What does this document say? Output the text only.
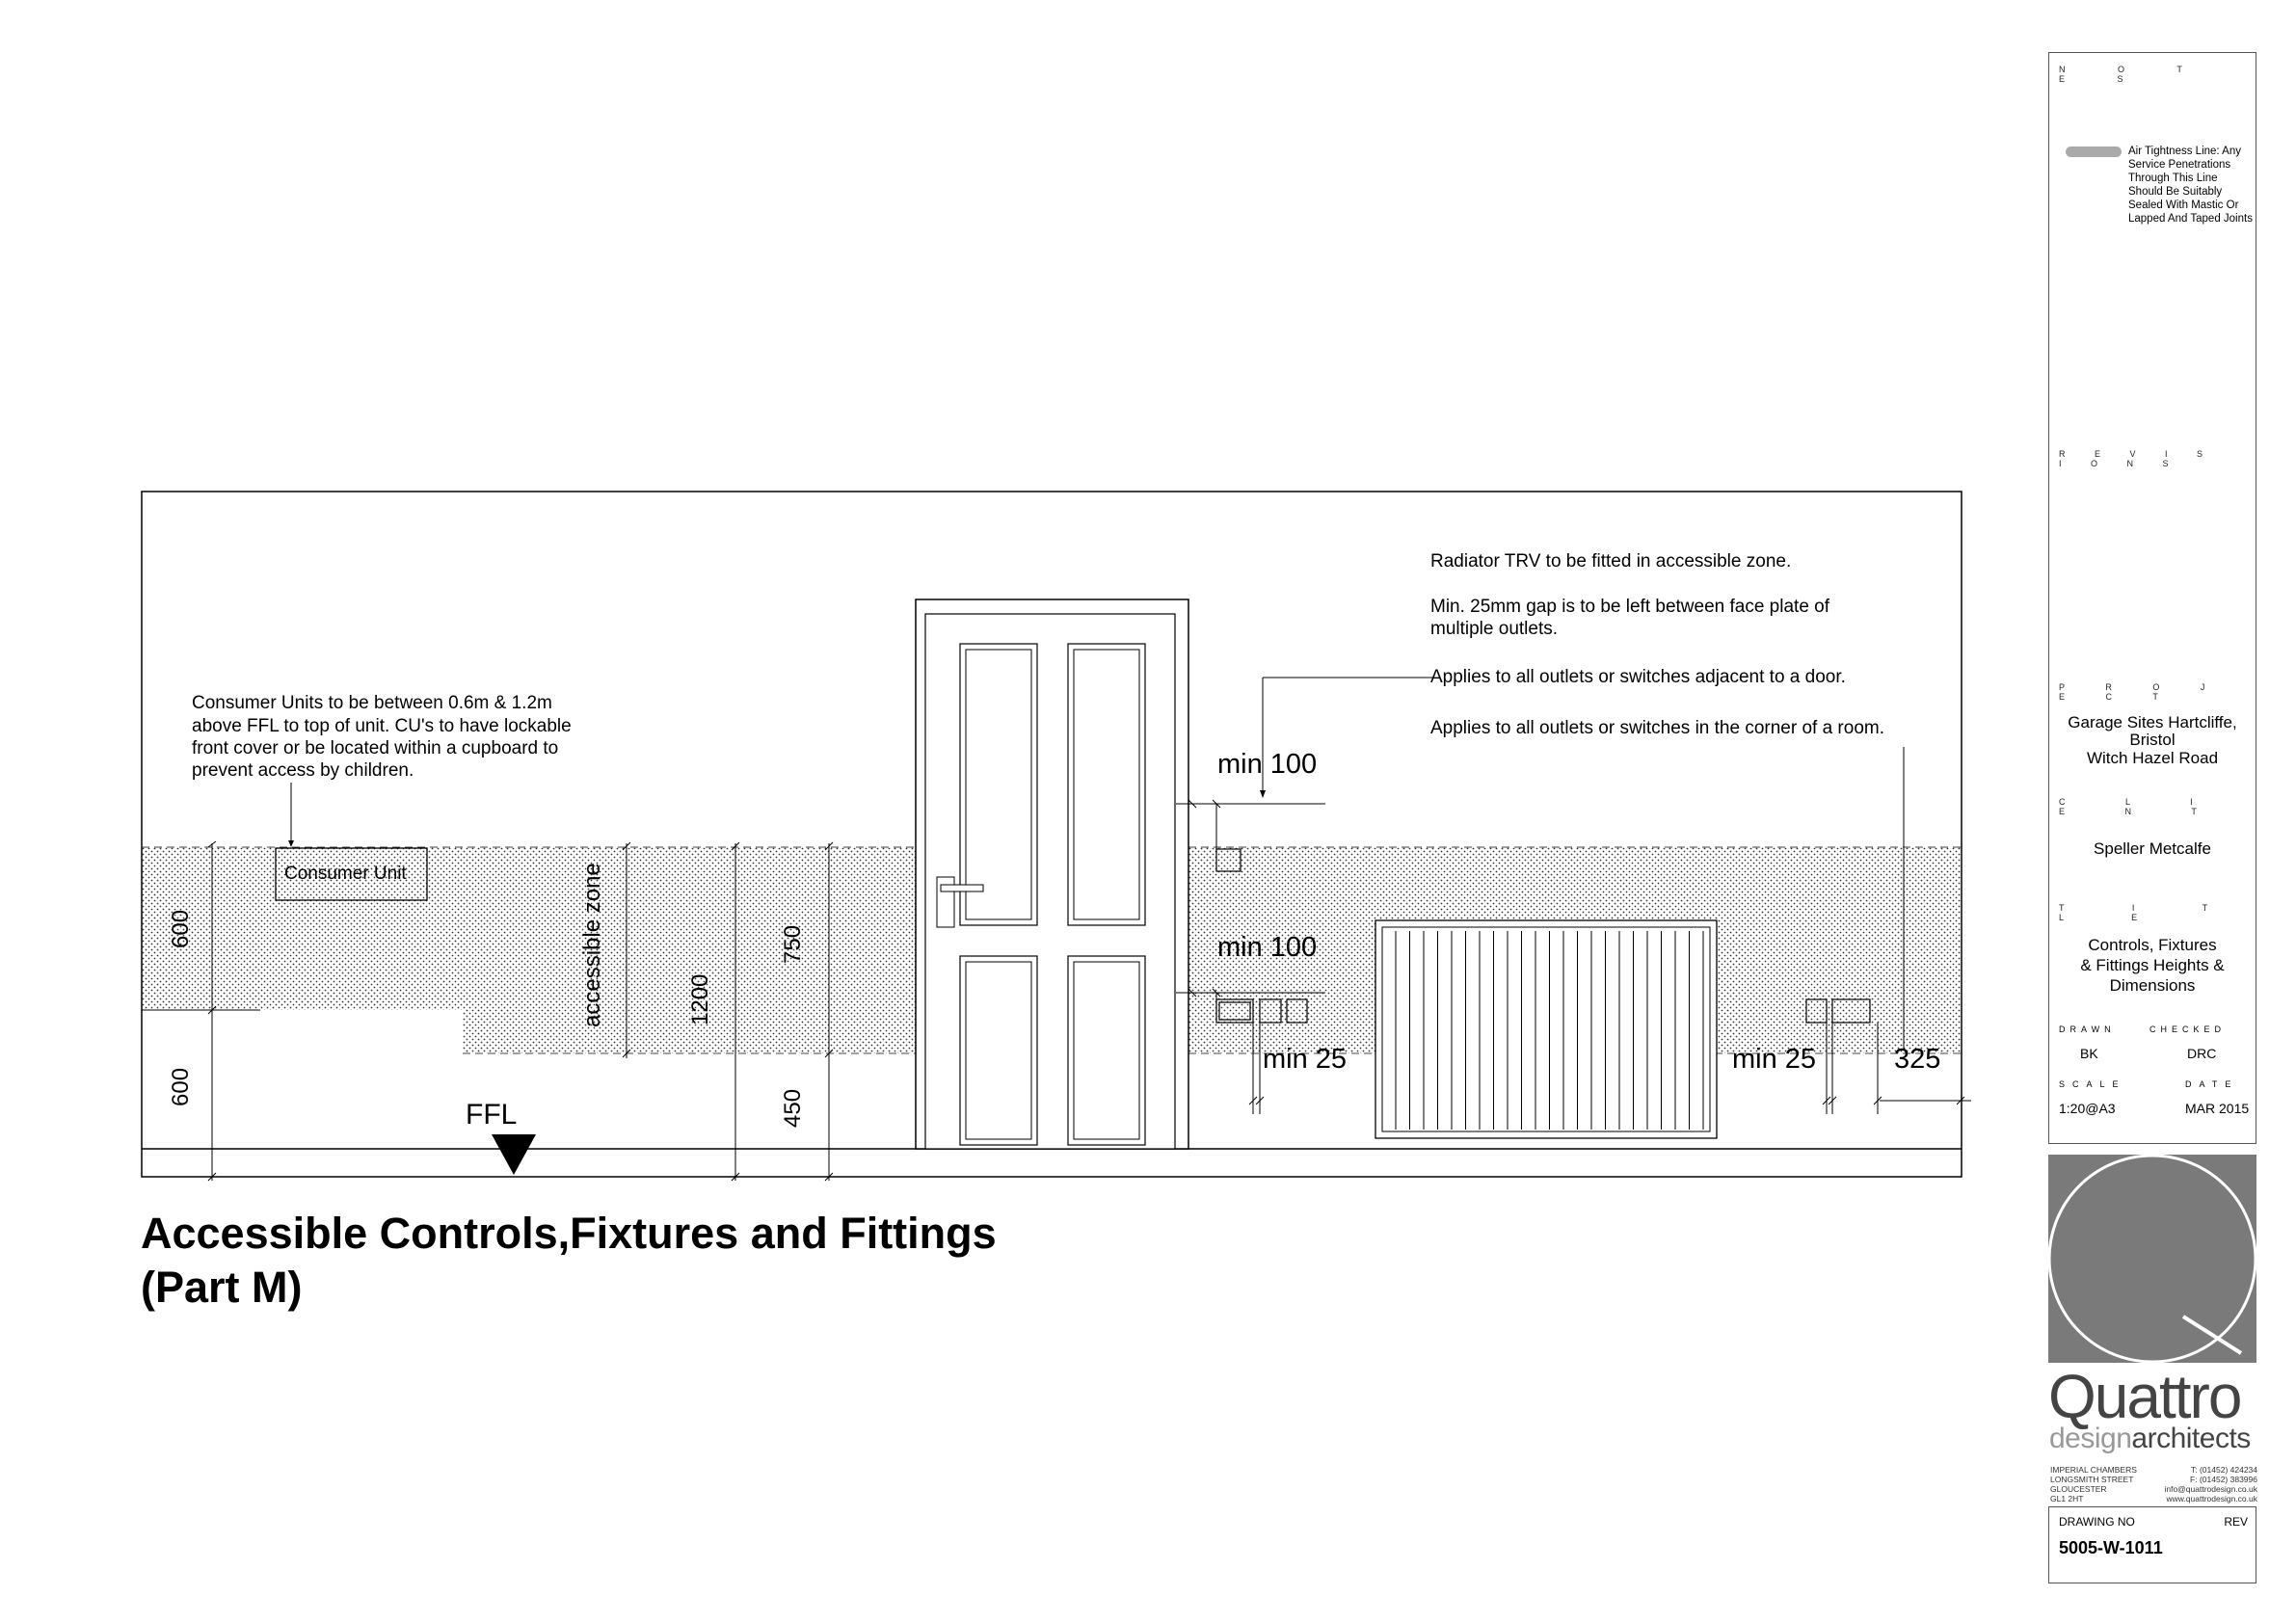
Consumer Unit
600
600
accessible zone	1200
750
450
FFL
min 100
min 100
min 25	min 25	325
Consumer Units to be between 0.6m & 1.2m
above FFL to top of unit. CU's to have lockable
front cover or be located within a cupboard to
prevent access by children.
Radiator TRV to be fitted in accessible zone.
Min. 25mm gap is to be left between face plate of
multiple outlets.
Applies to all outlets or switches adjacent to a door.
Applies to all outlets or switches in the corner of a room.
Accessible Controls,Fixtures and Fittings
(Part M)
N O T E S
Air Tightness Line: Any Service Penetrations Through This Line Should Be Suitably Sealed With Mastic Or Lapped And Taped Joints
R E V I S I O N S
P R O J E C T
Garage Sites Hartcliffe,
Bristol
Witch Hazel Road
C L I E N T
Speller Metcalfe
T I T L E
Controls, Fixtures
& Fittings Heights &
Dimensions
DRAWN	CHECKED
BK	DRC
SCALE	DATE
1:20@A3	MAR 2015
Quattro
designarchitects
IMPERIAL CHAMBERS
LONGSMITH STREET
GLOUCESTER
GL1 2HT
T: (01452) 424234
F: (01452) 383996
info@quattrodesign.co.uk
www.quattrodesign.co.uk
DRAWING NO	REV
5005-W-1011
